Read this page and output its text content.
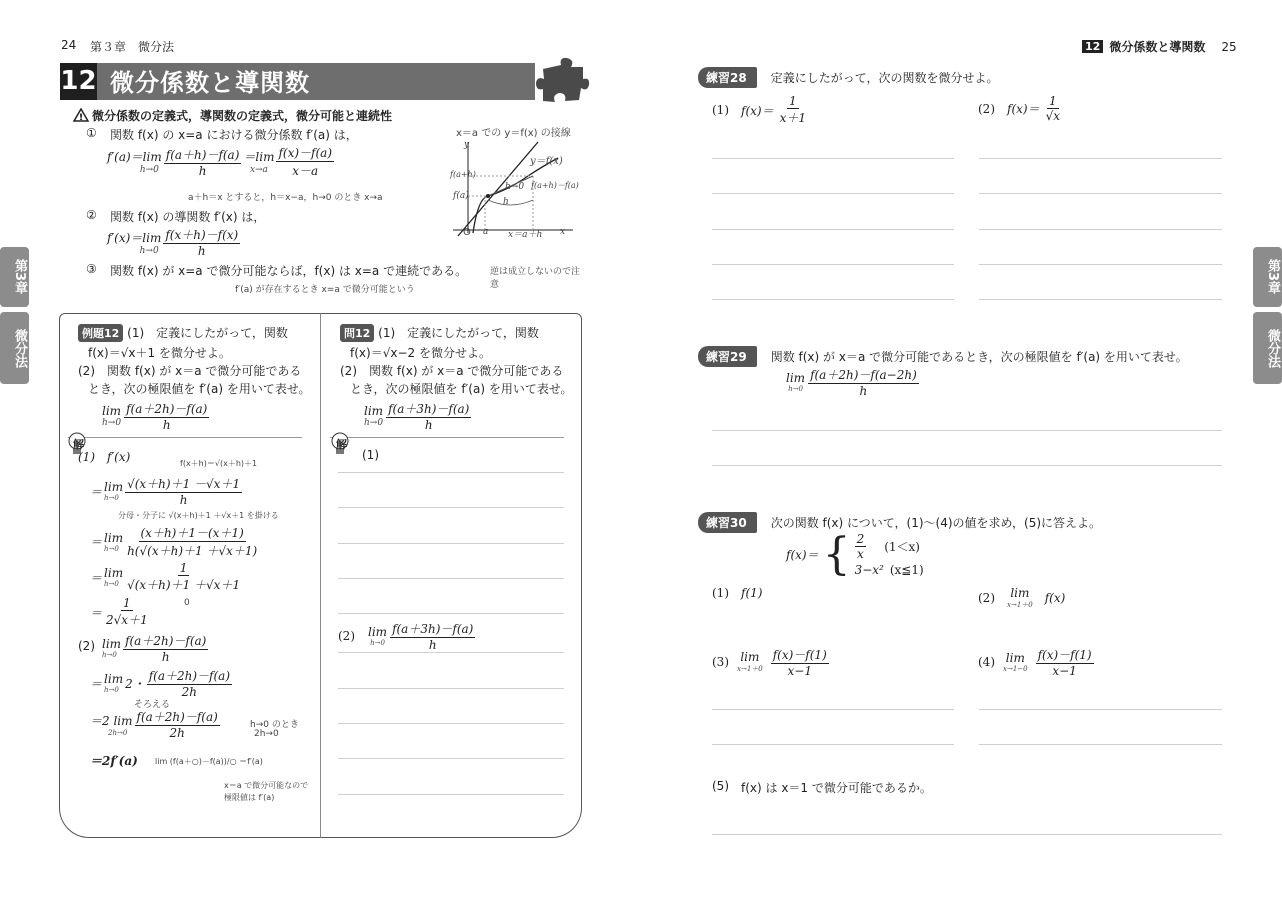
24 第３章　微分法
12 微分係数と導関数
! 微分係数の定義式，導関数の定義式，微分可能と連続性
① 関数 f(x) の x=a における微分係数 f′(a) は，
f′(a)＝lim
$h\to 0 \frac{f(a+h)-f(a)}{h} =\lim$
$x\to a \frac{f(x)-f(a)}{x-a}$
a＋h＝x とすると，h＝x−a，h→0 のとき x→a
② 関数 f(x) の導関数 f′(x) は，
f′(x)＝lim
$h\to 0 \frac{f(x+h)-f(x)}{h}$
③ 関数 f(x) が x=a で微分可能ならば，f(x) は x=a で連続である。	逆は成立しないので注意
f′(a) が存在するとき x=a で微分可能という
x＝a での y＝f(x) の接線
y
y＝f(x)
f(a+h)
f(a)
h→0 f(a+h)－f(a)
h
O a x＝a＋h x
第3章
微分法	例題12 (1)　定義にしたがって，関数
f(x)＝√x＋1 を微分せよ。
(2)　関数 f(x) が x＝a で微分可能である
とき，次の極限値を f′(a) を用いて表せ。
lim
$h\to 0 \frac{f(a+2h)-f(a)}{h}$
解
(1)　f′(x)	f(x＋h)＝√(x＋h)＋1
＝ lim
$h\to 0 \frac{√(x+h)+1 -√x+1}{h}$
分母・分子に √(x＋h)＋1 ＋√x＋1 を掛ける
＝ lim
$h\to 0 \frac{(x+h)+1-(x+1)}{h(√(x+h)+1 +√x+1)}$
＝ lim
$h\to 0 \frac{1}{√(x+h)+1 +√x+1}$
0
＝ $\frac{1}{2√x+1}$
(2) lim
$h\to 0 \frac{f(a+2h)-f(a)}{h}$
＝ lim
h→0 2・ $\frac{f(a+2h)-f(a)}{2h}$
そろえる
＝2 lim
$2h\to 0 \frac{f(a+2h)-f(a)}{2h}$	h→0 のとき
2h→0
＝2f′(a) lim (f(a＋○)－f(a))/○ ＝f′(a)
x＝a で微分可能なので
極限値は f′(a)
問12 (1)　定義にしたがって，関数
f(x)＝√x−2 を微分せよ。
(2)　関数 f(x) が x＝a で微分可能である
とき，次の極限値を f′(a) を用いて表せ。
lim
$h\to 0 \frac{f(a+3h)-f(a)}{h}$
解
(1)
(2) lim
$h\to 0 \frac{f(a+3h)-f(a)}{h}$
12 微分係数と導関数 25
練習28	定義にしたがって，次の関数を微分せよ。
(1) $f(x)= \frac{1}{x+1}$	(2) $f(x)= \frac{1}{√x}$
練習29	関数 f(x) が x＝a で微分可能であるとき，次の極限値を f′(a) を用いて表せ。
lim
$h\to 0 \frac{f(a+2h)-f(a-2h)}{h}$
練習30	次の関数 f(x) について，(1)〜(4)の値を求め，(5)に答えよ。
f(x)＝ { $\frac{2}{x} (1<x)$
3−x² (x≦1)
(1) f(1)	(2) lim
x→1＋0 f(x)
(3) lim
$x\to 1+0 \frac{f(x)-f(1)}{x-1}$	(4) lim
$x\to 1-0 \frac{f(x)-f(1)}{x-1}$
(5) f(x) は x＝1 で微分可能であるか。
第3章
微分法
